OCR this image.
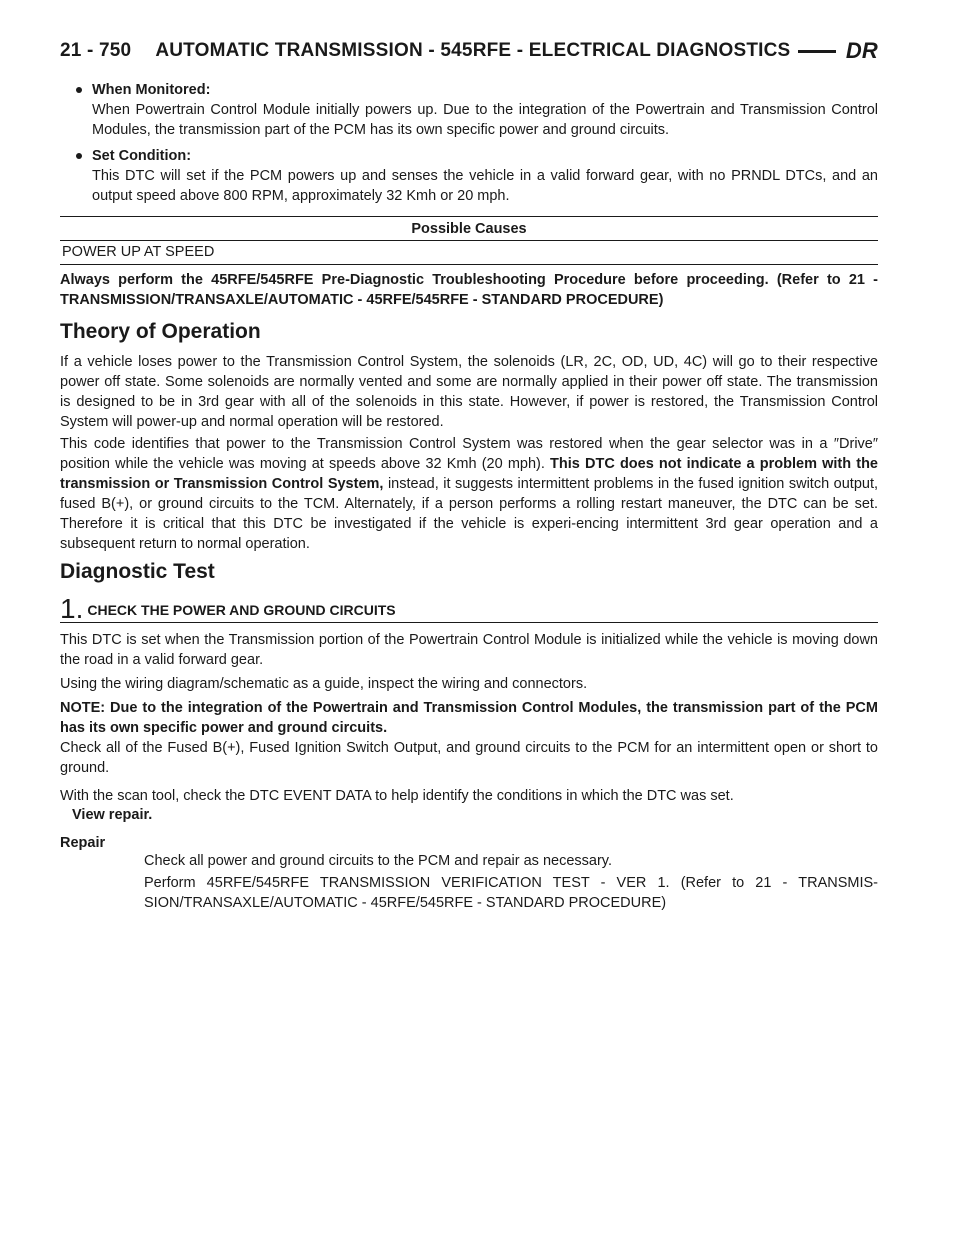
21 - 750 AUTOMATIC TRANSMISSION - 545RFE - ELECTRICAL DIAGNOSTICS	DR
When Monitored:
When Powertrain Control Module initially powers up. Due to the integration of the Powertrain and Transmission Control Modules, the transmission part of the PCM has its own specific power and ground circuits.
Set Condition:
This DTC will set if the PCM powers up and senses the vehicle in a valid forward gear, with no PRNDL DTCs, and an output speed above 800 RPM, approximately 32 Kmh or 20 mph.
Possible Causes
POWER UP AT SPEED
Always perform the 45RFE/545RFE Pre-Diagnostic Troubleshooting Procedure before proceeding. (Refer to 21 - TRANSMISSION/TRANSAXLE/AUTOMATIC - 45RFE/545RFE - STANDARD PROCEDURE)
Theory of Operation
If a vehicle loses power to the Transmission Control System, the solenoids (LR, 2C, OD, UD, 4C) will go to their respective power off state. Some solenoids are normally vented and some are normally applied in their power off state. The transmission is designed to be in 3rd gear with all of the solenoids in this state. However, if power is restored, the Transmission Control System will power-up and normal operation will be restored.
This code identifies that power to the Transmission Control System was restored when the gear selector was in a ″Drive″ position while the vehicle was moving at speeds above 32 Kmh (20 mph). This DTC does not indicate a problem with the transmission or Transmission Control System, instead, it suggests intermittent problems in the fused ignition switch output, fused B(+), or ground circuits to the TCM. Alternately, if a person performs a rolling restart maneuver, the DTC can be set. Therefore it is critical that this DTC be investigated if the vehicle is experi-encing intermittent 3rd gear operation and a subsequent return to normal operation.
Diagnostic Test
1. CHECK THE POWER AND GROUND CIRCUITS
This DTC is set when the Transmission portion of the Powertrain Control Module is initialized while the vehicle is moving down the road in a valid forward gear.
Using the wiring diagram/schematic as a guide, inspect the wiring and connectors.
NOTE: Due to the integration of the Powertrain and Transmission Control Modules, the transmission part of the PCM has its own specific power and ground circuits.
Check all of the Fused B(+), Fused Ignition Switch Output, and ground circuits to the PCM for an intermittent open or short to ground.
With the scan tool, check the DTC EVENT DATA to help identify the conditions in which the DTC was set.
View repair.
Repair
Check all power and ground circuits to the PCM and repair as necessary.
Perform 45RFE/545RFE TRANSMISSION VERIFICATION TEST - VER 1. (Refer to 21 - TRANSMIS-SION/TRANSAXLE/AUTOMATIC - 45RFE/545RFE - STANDARD PROCEDURE)
